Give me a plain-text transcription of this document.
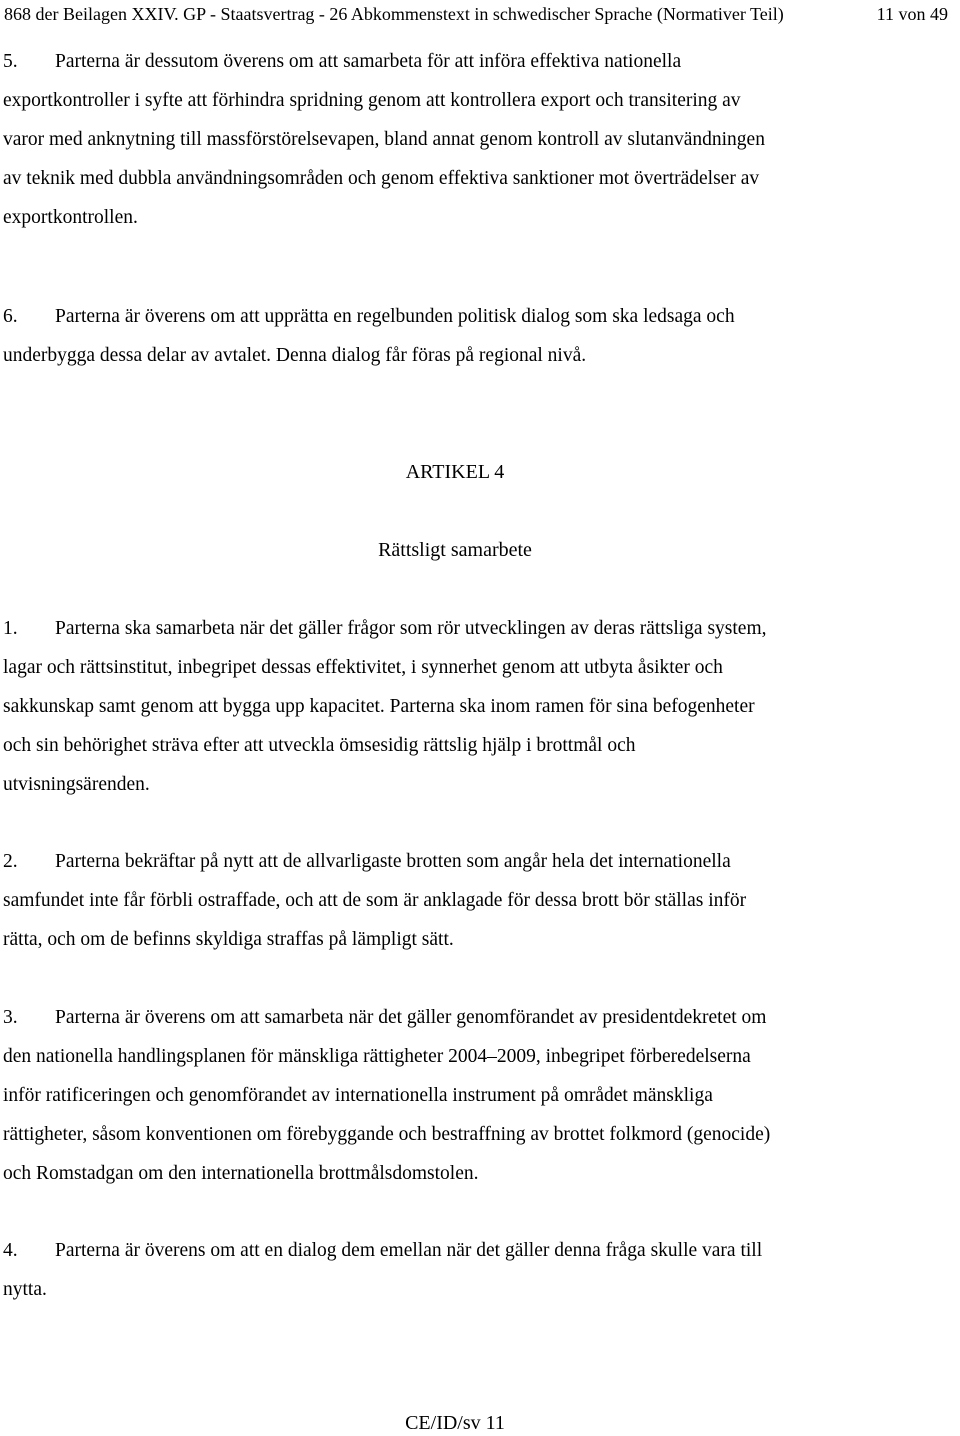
868 der Beilagen XXIV. GP - Staatsvertrag - 26 Abkommenstext in schwedischer Sprache (Normativer Teil)	11 von 49
5. Parterna är dessutom överens om att samarbeta för att införa effektiva nationella
exportkontroller i syfte att förhindra spridning genom att kontrollera export och transitering av
varor med anknytning till massförstörelsevapen, bland annat genom kontroll av slutanvändningen
av teknik med dubbla användningsområden och genom effektiva sanktioner mot överträdelser av
exportkontrollen.
6. Parterna är överens om att upprätta en regelbunden politisk dialog som ska ledsaga och
underbygga dessa delar av avtalet. Denna dialog får föras på regional nivå.
ARTIKEL 4
Rättsligt samarbete
1. Parterna ska samarbeta när det gäller frågor som rör utvecklingen av deras rättsliga system,
lagar och rättsinstitut, inbegripet dessas effektivitet, i synnerhet genom att utbyta åsikter och
sakkunskap samt genom att bygga upp kapacitet. Parterna ska inom ramen för sina befogenheter
och sin behörighet sträva efter att utveckla ömsesidig rättslig hjälp i brottmål och
utvisningsärenden.
2. Parterna bekräftar på nytt att de allvarligaste brotten som angår hela det internationella
samfundet inte får förbli ostraffade, och att de som är anklagade för dessa brott bör ställas inför
rätta, och om de befinns skyldiga straffas på lämpligt sätt.
3. Parterna är överens om att samarbeta när det gäller genomförandet av presidentdekretet om
den nationella handlingsplanen för mänskliga rättigheter 2004–2009, inbegripet förberedelserna
inför ratificeringen och genomförandet av internationella instrument på området mänskliga
rättigheter, såsom konventionen om förebyggande och bestraffning av brottet folkmord (genocide)
och Romstadgan om den internationella brottmålsdomstolen.
4. Parterna är överens om att en dialog dem emellan när det gäller denna fråga skulle vara till
nytta.
CE/ID/sv 11
